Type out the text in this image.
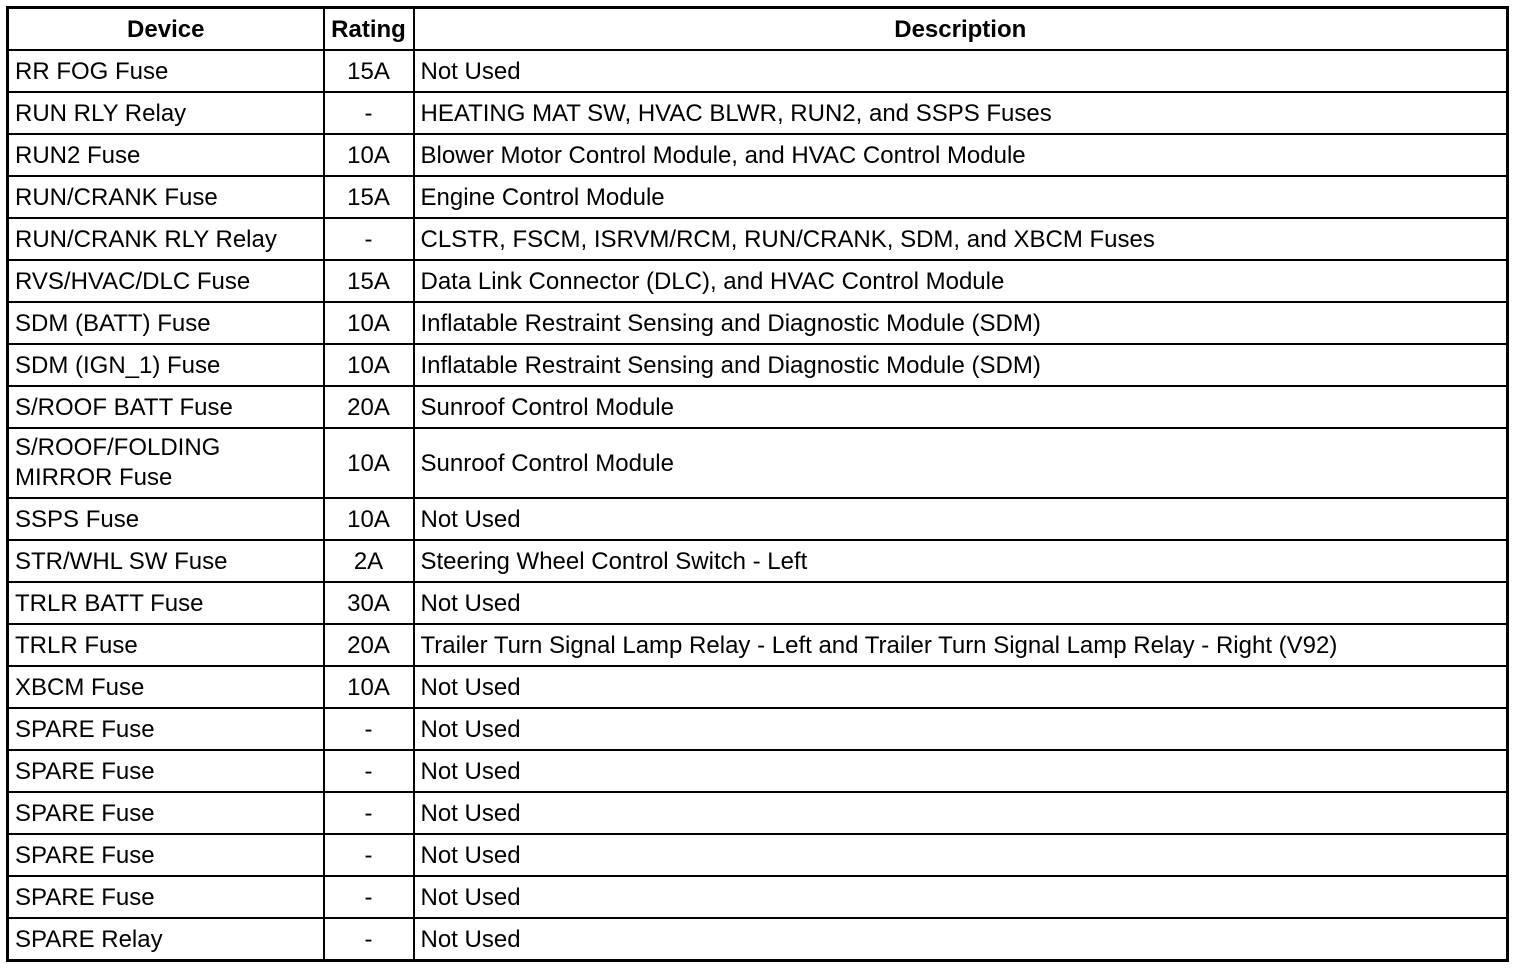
Device	Rating	Description
RR FOG Fuse	15A	Not Used
RUN RLY Relay	-	HEATING MAT SW, HVAC BLWR, RUN2, and SSPS Fuses
RUN2 Fuse	10A	Blower Motor Control Module, and HVAC Control Module
RUN/CRANK Fuse	15A	Engine Control Module
RUN/CRANK RLY Relay	-	CLSTR, FSCM, ISRVM/RCM, RUN/CRANK, SDM, and XBCM Fuses
RVS/HVAC/DLC Fuse	15A	Data Link Connector (DLC), and HVAC Control Module
SDM (BATT) Fuse	10A	Inflatable Restraint Sensing and Diagnostic Module (SDM)
SDM (IGN_1) Fuse	10A	Inflatable Restraint Sensing and Diagnostic Module (SDM)
S/ROOF BATT Fuse	20A	Sunroof Control Module
S/ROOF/FOLDING MIRROR Fuse	10A	Sunroof Control Module
SSPS Fuse	10A	Not Used
STR/WHL SW Fuse	2A	Steering Wheel Control Switch - Left
TRLR BATT Fuse	30A	Not Used
TRLR Fuse	20A	Trailer Turn Signal Lamp Relay - Left and Trailer Turn Signal Lamp Relay - Right (V92)
XBCM Fuse	10A	Not Used
SPARE Fuse	-	Not Used
SPARE Fuse	-	Not Used
SPARE Fuse	-	Not Used
SPARE Fuse	-	Not Used
SPARE Fuse	-	Not Used
SPARE Relay	-	Not Used
